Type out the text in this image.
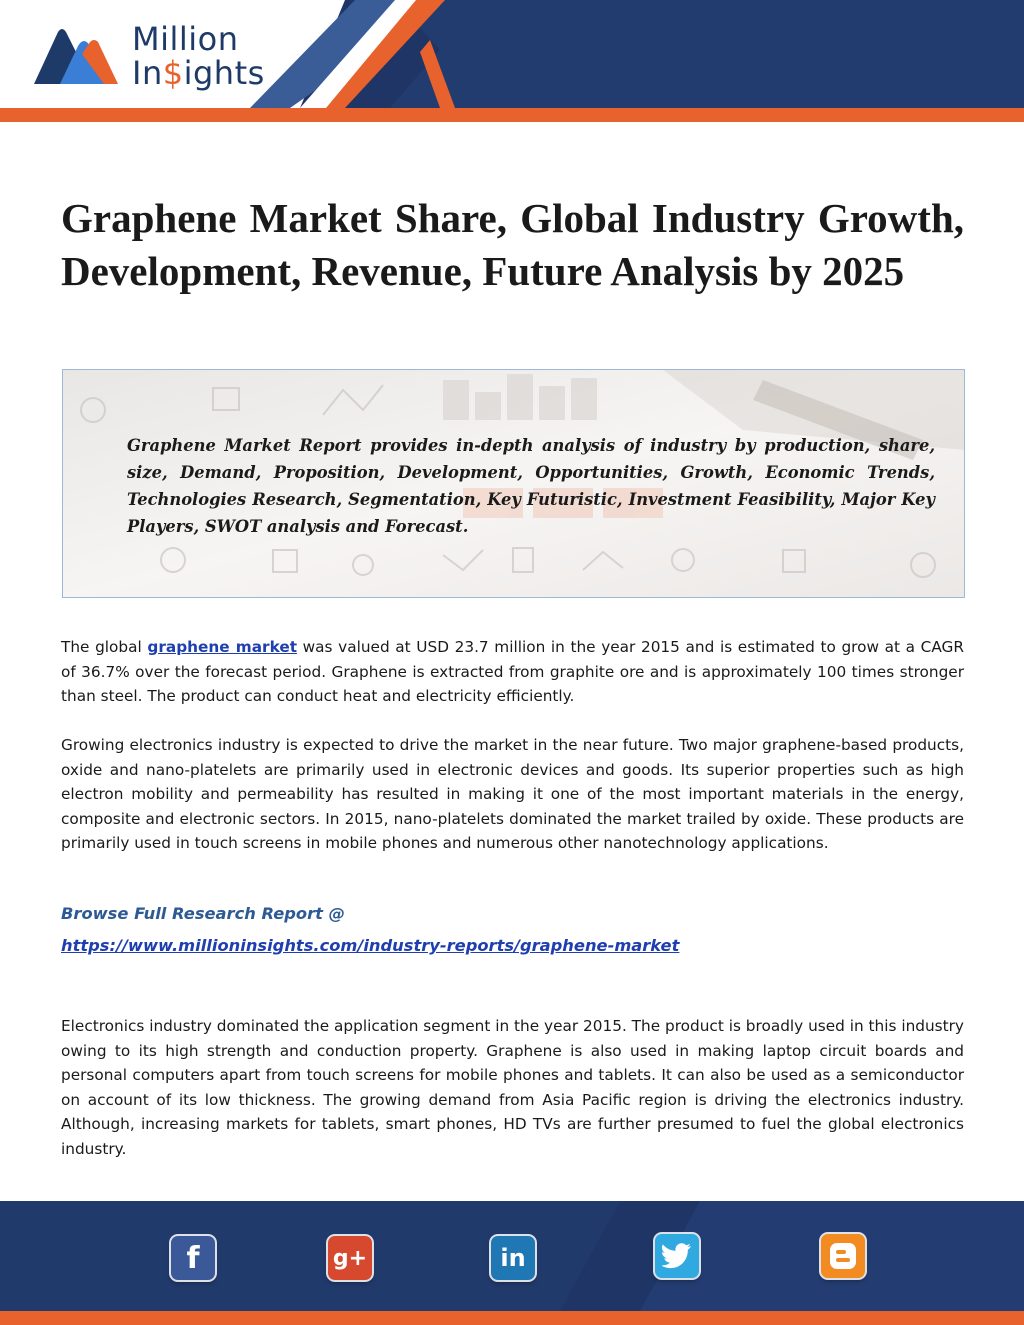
Million
In$ights
Graphene Market Share, Global Industry Growth, Development, Revenue, Future Analysis by 2025

Graphene Market Report provides in-depth analysis of industry by production, share, size, Demand, Proposition, Development, Opportunities, Growth, Economic Trends, Technologies Research, Segmentation, Key Futuristic, Investment Feasibility, Major Key Players, SWOT analysis and Forecast.

The global graphene market was valued at USD 23.7 million in the year 2015 and is estimated to grow at a CAGR of 36.7% over the forecast period. Graphene is extracted from graphite ore and is approximately 100 times stronger than steel. The product can conduct heat and electricity efficiently.

Growing electronics industry is expected to drive the market in the near future. Two major graphene-based products, oxide and nano-platelets are primarily used in electronic devices and goods. Its superior properties such as high electron mobility and permeability has resulted in making it one of the most important materials in the energy, composite and electronic sectors. In 2015, nano-platelets dominated the market trailed by oxide. These products are primarily used in touch screens in mobile phones and numerous other nanotechnology applications.

Browse Full Research Report @

https://www.millioninsights.com/industry-reports/graphene-market

Electronics industry dominated the application segment in the year 2015. The product is broadly used in this industry owing to its high strength and conduction property. Graphene is also used in making laptop circuit boards and personal computers apart from touch screens for mobile phones and tablets. It can also be used as a semiconductor on account of its low thickness. The growing demand from Asia Pacific region is driving the electronics industry. Although, increasing markets for tablets, smart phones, HD TVs are further presumed to fuel the global electronics industry.

f	g+	in
